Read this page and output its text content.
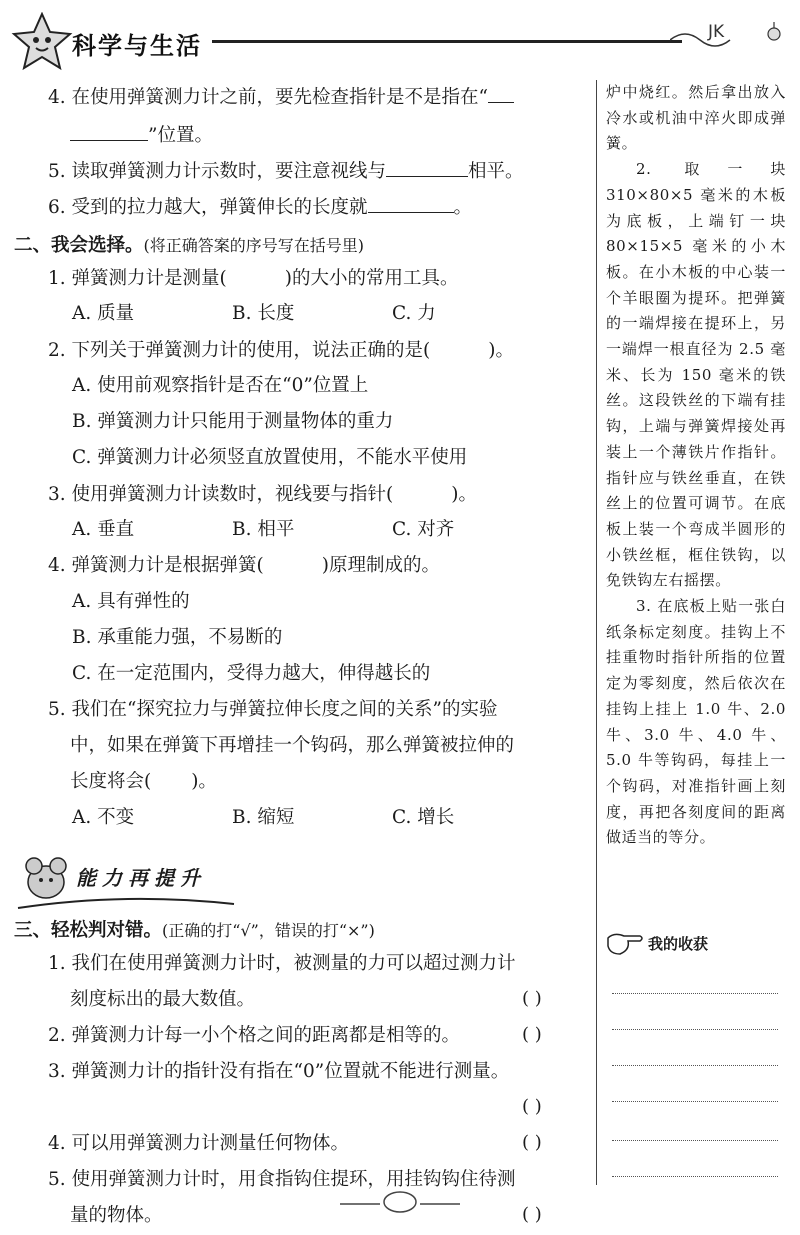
科学与生活	JK
4. 在使用弹簧测力计之前，要先检查指针是不是指在“
”位置。
5. 读取弹簧测力计示数时，要注意视线与	相平。
6. 受到的拉力越大，弹簧伸长的长度就	。
二、我会选择。(将正确答案的序号写在括号里)
1. 弹簧测力计是测量(	)的大小的常用工具。
A. 质量	B. 长度	C. 力
2. 下列关于弹簧测力计的使用，说法正确的是(	)。
A. 使用前观察指针是否在“0”位置上
B. 弹簧测力计只能用于测量物体的重力
C. 弹簧测力计必须竖直放置使用，不能水平使用
3. 使用弹簧测力计读数时，视线要与指针(	)。
A. 垂直	B. 相平	C. 对齐
4. 弹簧测力计是根据弹簧(	)原理制成的。
A. 具有弹性的
B. 承重能力强，不易断的
C. 在一定范围内，受得力越大，伸得越长的
5. 我们在“探究拉力与弹簧拉伸长度之间的关系”的实验
中，如果在弹簧下再增挂一个钩码，那么弹簧被拉伸的
长度将会( )。
A. 不变	B. 缩短	C. 增长
能力再提升
三、轻松判对错。(正确的打“√”，错误的打“×”)
1. 我们在使用弹簧测力计时，被测量的力可以超过测力计
刻度标出的最大数值。	( )
2. 弹簧测力计每一小个格之间的距离都是相等的。	( )
3. 弹簧测力计的指针没有指在“0”位置就不能进行测量。
( )
4. 可以用弹簧测力计测量任何物体。	( )
5. 使用弹簧测力计时，用食指钩住提环，用挂钩钩住待测
量的物体。	( )

炉中烧红。然后拿出放入冷水或机油中淬火即成弹簧。

2. 取一块 310×80×5 毫米的木板为底板，上端钉一块 80×15×5 毫米的小木板。在小木板的中心装一个羊眼圈为提环。把弹簧的一端焊接在提环上，另一端焊一根直径为 2.5 毫米、长为 150 毫米的铁丝。这段铁丝的下端有挂钩，上端与弹簧焊接处再装上一个薄铁片作指针。指针应与铁丝垂直，在铁丝上的位置可调节。在底板上装一个弯成半圆形的小铁丝框，框住铁钩，以免铁钩左右摇摆。

3. 在底板上贴一张白纸条标定刻度。挂钩上不挂重物时指针所指的位置定为零刻度，然后依次在挂钩上挂上 1.0 牛、2.0 牛、3.0 牛、4.0 牛、5.0 牛等钩码，每挂上一个钩码，对准指针画上刻度，再把各刻度间的距离做适当的等分。

我的收获
